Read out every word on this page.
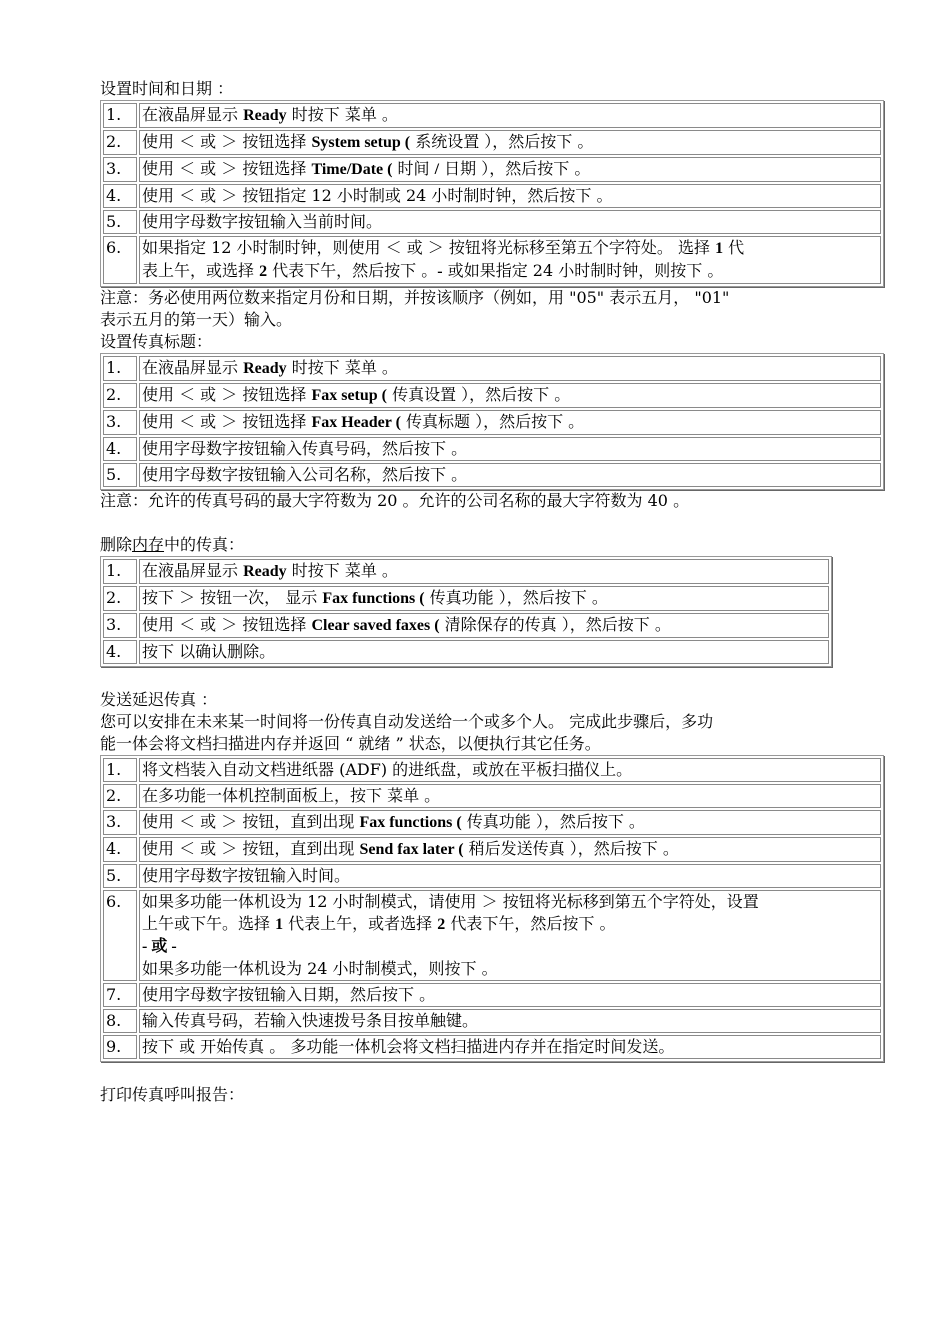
设置时间和日期 ：

1.	在液晶屏显示 Ready 时按下 菜单 。
2.	使用 ＜ 或 ＞ 按钮选择 System setup ( 系统设置 ），然后按下 。
3.	使用 ＜ 或 ＞ 按钮选择 Time/Date ( 时间 / 日期 ），然后按下 。
4.	使用 ＜ 或 ＞ 按钮指定 12 小时制或 24 小时制时钟，然后按下 。
5.	使用字母数字按钮输入当前时间。
6.	如果指定 12 小时制时钟，则使用 ＜ 或 ＞ 按钮将光标移至第五个字符处。 选择 1 代
表上午，或选择 2 代表下午，然后按下 。- 或如果指定 24 小时制时钟，则按下 。

注意：务必使用两位数来指定月份和日期，并按该顺序（例如，用 "05" 表示五月， "01"
表示五月的第一天）输入。

设置传真标题：

1.	在液晶屏显示 Ready 时按下 菜单 。
2.	使用 ＜ 或 ＞ 按钮选择 Fax setup ( 传真设置 ），然后按下 。
3.	使用 ＜ 或 ＞ 按钮选择 Fax Header ( 传真标题 ），然后按下 。
4.	使用字母数字按钮输入传真号码，然后按下 。
5.	使用字母数字按钮输入公司名称，然后按下 。

注意：允许的传真号码的最大字符数为 20 。允许的公司名称的最大字符数为 40 。

删除内存中的传真：

1.	在液晶屏显示 Ready 时按下 菜单 。
2.	按下 ＞ 按钮一次， 显示 Fax functions ( 传真功能 ），然后按下 。
3.	使用 ＜ 或 ＞ 按钮选择 Clear saved faxes ( 清除保存的传真 ），然后按下 。
4.	按下 以确认删除。

发送延迟传真 ：

您可以安排在未来某一时间将一份传真自动发送给一个或多个人。 完成此步骤后，多功
能一体会将文档扫描进内存并返回 “ 就绪 ” 状态，以便执行其它任务。

1.	将文档装入自动文档进纸器 (ADF) 的进纸盘，或放在平板扫描仪上。
2.	在多功能一体机控制面板上，按下 菜单 。
3.	使用 ＜ 或 ＞ 按钮，直到出现 Fax functions ( 传真功能 ），然后按下 。
4.	使用 ＜ 或 ＞ 按钮，直到出现 Send fax later ( 稍后发送传真 ），然后按下 。
5.	使用字母数字按钮输入时间。
6.	如果多功能一体机设为 12 小时制模式，请使用 ＞ 按钮将光标移到第五个字符处，设置
上午或下午。选择 1 代表上午，或者选择 2 代表下午，然后按下 。
- 或 -
如果多功能一体机设为 24 小时制模式，则按下 。

7.	使用字母数字按钮输入日期，然后按下 。
8.	输入传真号码，若输入快速拨号条目按单触键。
9.	按下 或 开始传真 。 多功能一体机会将文档扫描进内存并在指定时间发送。

打印传真呼叫报告：
